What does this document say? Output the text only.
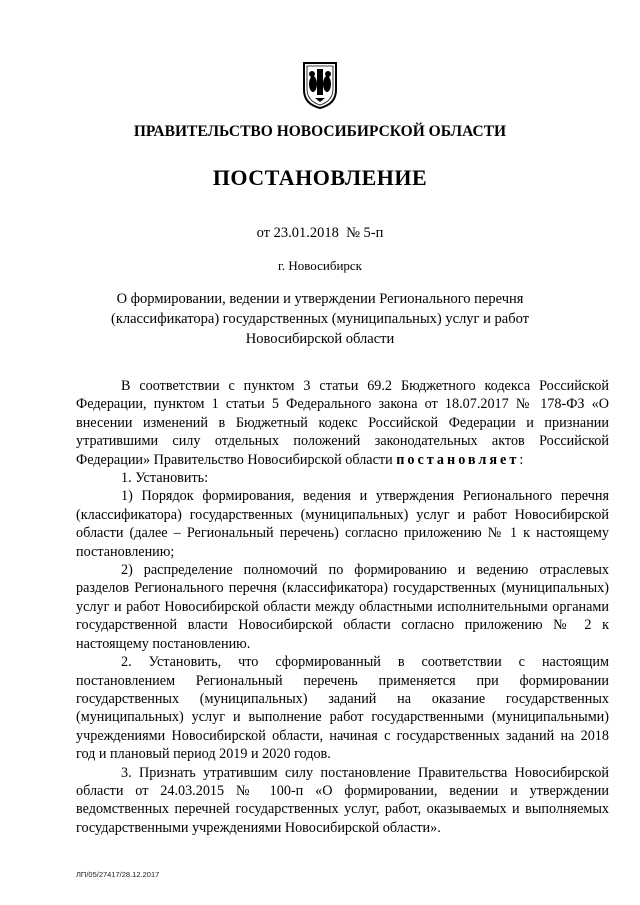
ПРАВИТЕЛЬСТВО НОВОСИБИРСКОЙ ОБЛАСТИ
ПОСТАНОВЛЕНИЕ
от 23.01.2018  № 5-п
г. Новосибирск
О формировании, ведении и утверждении Регионального перечня (классификатора) государственных (муниципальных) услуг и работ Новосибирской области

В соответствии с пунктом 3 статьи 69.2 Бюджетного кодекса Российской Федерации, пунктом 1 статьи 5 Федерального закона от 18.07.2017 № 178-ФЗ «О внесении изменений в Бюджетный кодекс Российской Федерации и признании утратившими силу отдельных положений законодательных актов Российской Федерации» Правительство Новосибирской области постановляет:

1. Установить:

1) Порядок формирования, ведения и утверждения Регионального перечня (классификатора) государственных (муниципальных) услуг и работ Новосибирской области (далее – Региональный перечень) согласно приложению № 1 к настоящему постановлению;

2) распределение полномочий по формированию и ведению отраслевых разделов Регионального перечня (классификатора) государственных (муниципальных) услуг и работ Новосибирской области между областными исполнительными органами государственной власти Новосибирской области согласно приложению № 2 к настоящему постановлению.

2. Установить, что сформированный в соответствии с настоящим постановлением Региональный перечень применяется при формировании государственных (муниципальных) заданий на оказание государственных (муниципальных) услуг и выполнение работ государственными (муниципальными) учреждениями Новосибирской области, начиная с государственных заданий на 2018 год и плановый период 2019 и 2020 годов.

3. Признать утратившим силу постановление Правительства Новосибирской области от 24.03.2015 № 100-п «О формировании, ведении и утверждении ведомственных перечней государственных услуг, работ, оказываемых и выполняемых государственными учреждениями Новосибирской области».

ЛП/05/27417/28.12.2017
